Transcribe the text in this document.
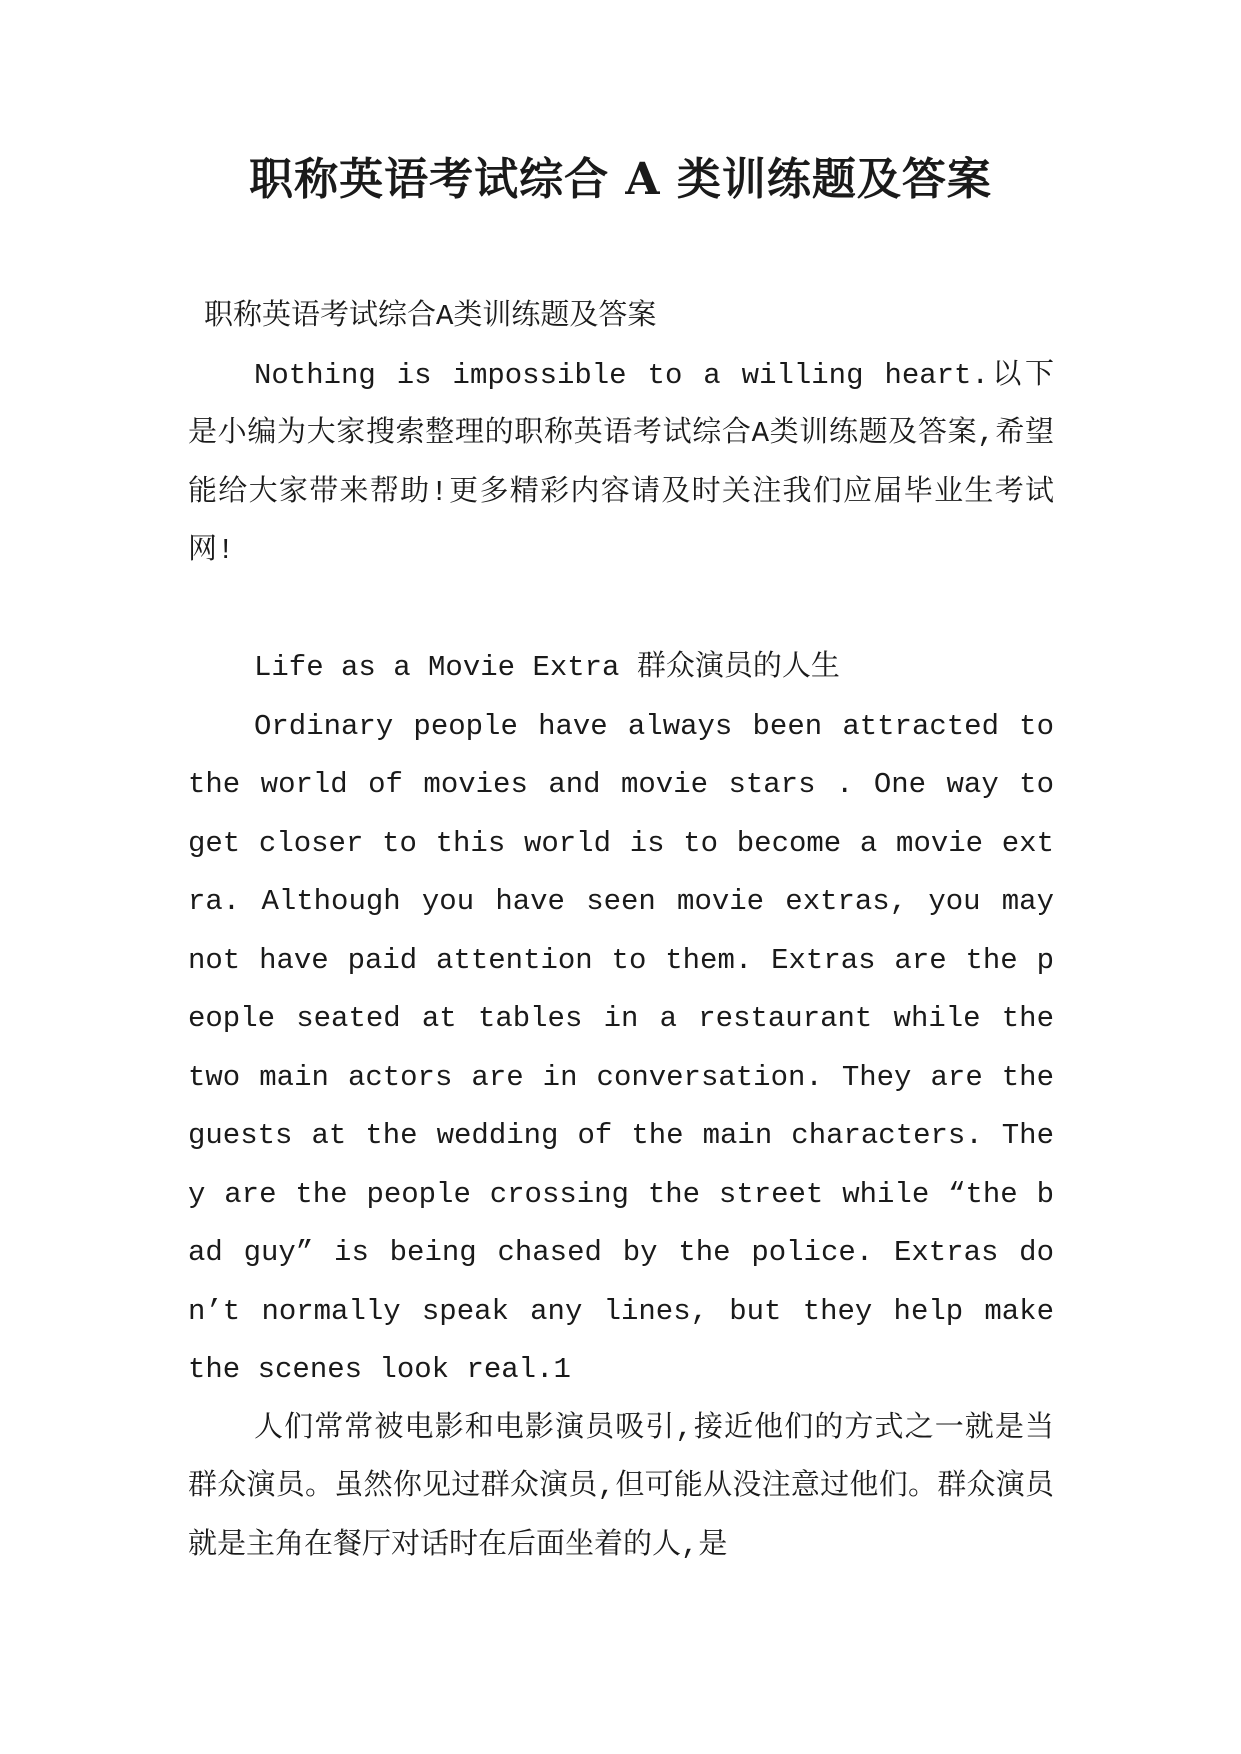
职称英语考试综合 A 类训练题及答案

职称英语考试综合A类训练题及答案

Nothing is impossible to a willing heart.以下是小编为大家搜索整理的职称英语考试综合A类训练题及答案,希望能给大家带来帮助!更多精彩内容请及时关注我们应届毕业生考试网!

Life as a Movie Extra 群众演员的人生

Ordinary people have always been attracted to the world of movies and movie stars . One way to get closer to this world is to become a movie extra. Although you have seen movie extras, you may not have paid attention to them. Extras are the people seated at tables in a restaurant while the two main actors are in conversation. They are the guests at the wedding of the main characters. They are the people crossing the street while “the bad guy” is being chased by the police. Extras don’t normally speak any lines, but they help make the scenes look real.1

人们常常被电影和电影演员吸引,接近他们的方式之一就是当群众演员。虽然你见过群众演员,但可能从没注意过他们。群众演员就是主角在餐厅对话时在后面坐着的人,是
